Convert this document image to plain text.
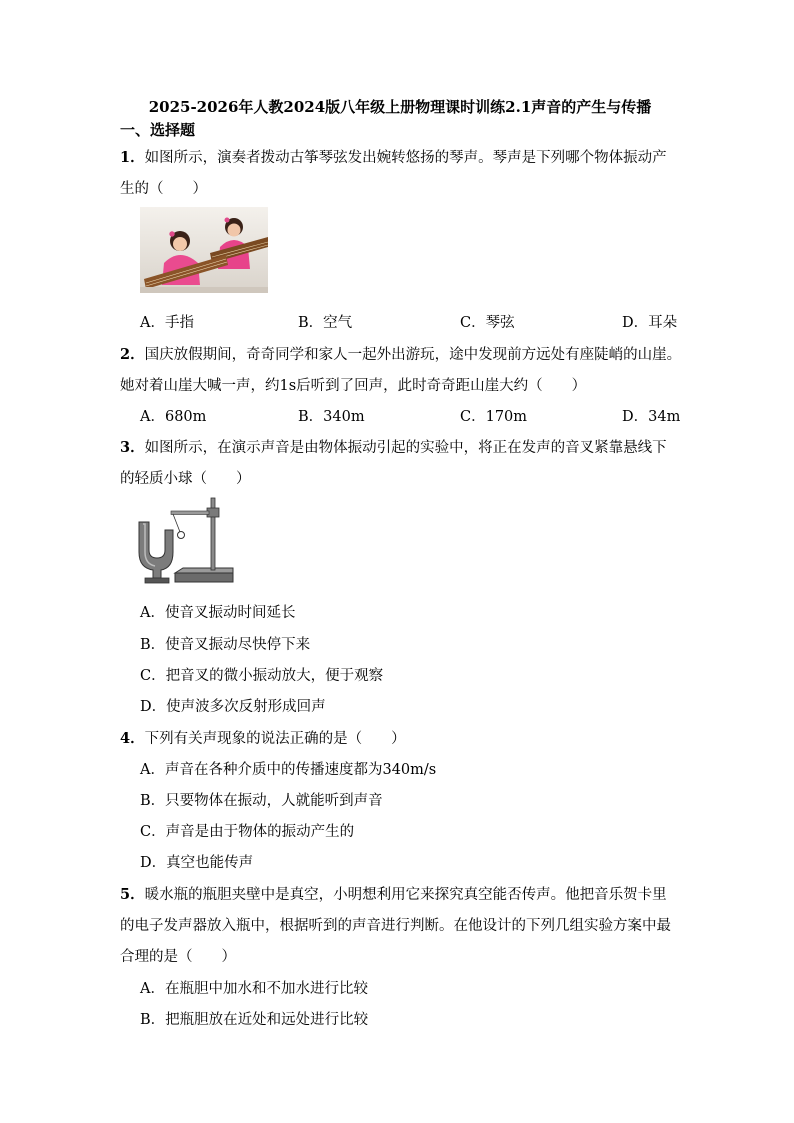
2025-2026年人教2024版八年级上册物理课时训练2.1声音的产生与传播
一、选择题
1．如图所示，演奏者拨动古筝琴弦发出婉转悠扬的琴声。琴声是下列哪个物体振动产
生的（　　）
A．手指	B．空气	C．琴弦	D．耳朵
2．国庆放假期间，奇奇同学和家人一起外出游玩，途中发现前方远处有座陡峭的山崖。
她对着山崖大喊一声，约1s后听到了回声，此时奇奇距山崖大约（　　）
A．680m	B．340m	C．170m	D．34m
3．如图所示，在演示声音是由物体振动引起的实验中，将正在发声的音叉紧靠悬线下
的轻质小球（　　）
A．使音叉振动时间延长
B．使音叉振动尽快停下来
C．把音叉的微小振动放大，便于观察
D．使声波多次反射形成回声
4．下列有关声现象的说法正确的是（　　）
A．声音在各种介质中的传播速度都为340m/s
B．只要物体在振动，人就能听到声音
C．声音是由于物体的振动产生的
D．真空也能传声
5．暖水瓶的瓶胆夹壁中是真空，小明想利用它来探究真空能否传声。他把音乐贺卡里
的电子发声器放入瓶中，根据听到的声音进行判断。在他设计的下列几组实验方案中最
合理的是（　　）
A．在瓶胆中加水和不加水进行比较
B．把瓶胆放在近处和远处进行比较
